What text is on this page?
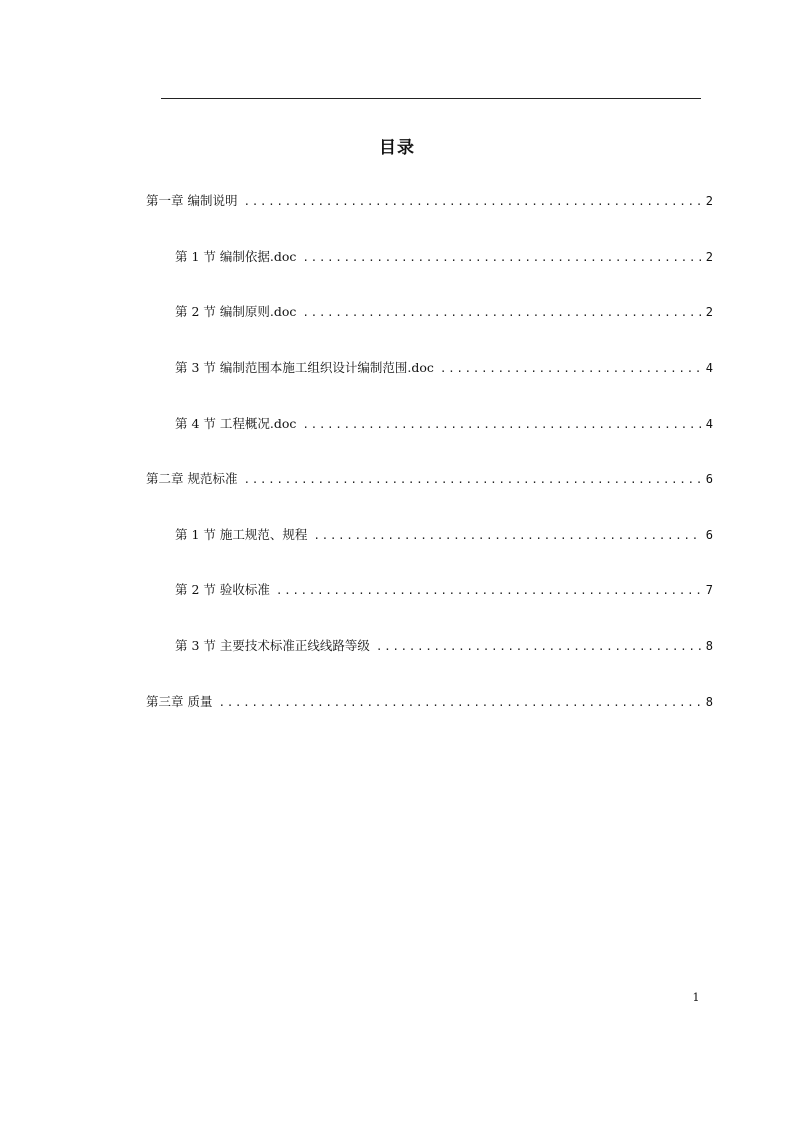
目录
第一章 编制说明 .....	2
第 1 节 编制依据.doc .....	2
第 2 节 编制原则.doc .....	2
第 3 节 编制范围本施工组织设计编制范围.doc .....	4
第 4 节 工程概况.doc .....	4
第二章 规范标准 .....	6
第 1 节 施工规范、规程 .....	6
第 2 节 验收标准 .....	7
第 3 节 主要技术标准正线线路等级 .....	8
第三章 质量 .....	8
1
